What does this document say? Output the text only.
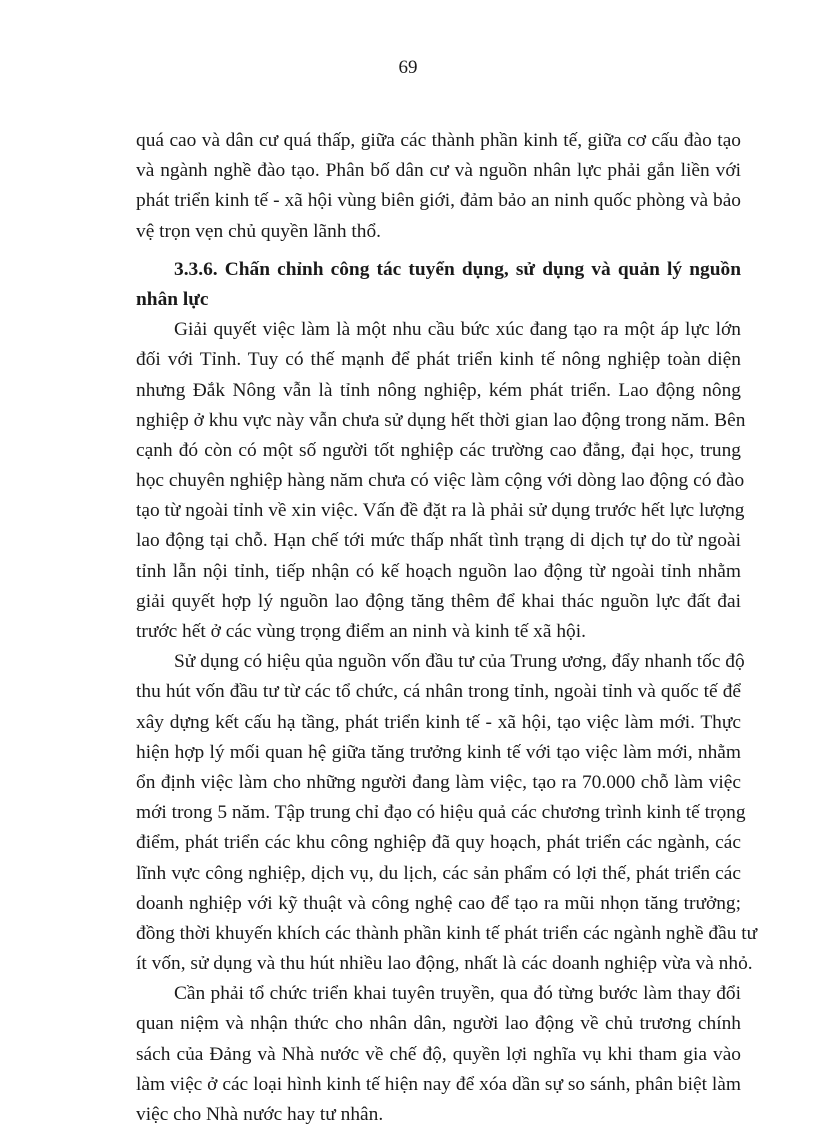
69
quá cao và dân cư quá thấp, giữa các thành phần kinh tế, giữa cơ cấu đào tạo
và ngành nghề đào tạo. Phân bố dân cư và nguồn nhân lực phải gắn liền với
phát triển kinh tế - xã hội vùng biên giới, đảm bảo an ninh quốc phòng và bảo
vệ trọn vẹn chủ quyền lãnh thổ.
3.3.6. Chấn chỉnh công tác tuyển dụng, sử dụng và quản lý nguồn
nhân lực
Giải quyết việc làm là một nhu cầu bức xúc đang tạo ra một áp lực lớn
đối với Tỉnh. Tuy có thế mạnh để phát triển kinh tế nông nghiệp toàn diện
nhưng Đắk Nông vẫn là tỉnh nông nghiệp, kém phát triển. Lao động nông
nghiệp ở khu vực này vẫn chưa sử dụng hết thời gian lao động trong năm. Bên
cạnh đó còn có một số người tốt nghiệp các trường cao đẳng, đại học, trung
học chuyên nghiệp hàng năm chưa có việc làm cộng với dòng lao động có đào
tạo từ ngoài tỉnh về xin việc. Vấn đề đặt ra là phải sử dụng trước hết lực lượng
lao động tại chỗ. Hạn chế tới mức thấp nhất tình trạng di dịch tự do từ ngoài
tỉnh lẫn nội tỉnh, tiếp nhận có kế hoạch nguồn lao động từ ngoài tỉnh nhằm
giải quyết hợp lý nguồn lao động tăng thêm để khai thác nguồn lực đất đai
trước hết ở các vùng trọng điểm an ninh và kinh tế xã hội.
Sử dụng có hiệu qủa nguồn vốn đầu tư của Trung ương, đẩy nhanh tốc độ
thu hút vốn đầu tư từ các tổ chức, cá nhân trong tỉnh, ngoài tỉnh và quốc tế để
xây dựng kết cấu hạ tầng, phát triển kinh tế - xã hội, tạo việc làm mới. Thực
hiện hợp lý mối quan hệ giữa tăng trưởng kinh tế với tạo việc làm mới, nhằm
ổn định việc làm cho những người đang làm việc, tạo ra 70.000 chỗ làm việc
mới trong 5 năm. Tập trung chỉ đạo có hiệu quả các chương trình kinh tế trọng
điểm, phát triển các khu công nghiệp đã quy hoạch, phát triển các ngành, các
lĩnh vực công nghiệp, dịch vụ, du lịch, các sản phẩm có lợi thế, phát triển các
doanh nghiệp với kỹ thuật và công nghệ cao để tạo ra mũi nhọn tăng trưởng;
đồng thời khuyến khích các thành phần kinh tế phát triển các ngành nghề đầu tư
ít vốn, sử dụng và thu hút nhiều lao động, nhất là các doanh nghiệp vừa và nhỏ.
Cần phải tổ chức triển khai tuyên truyền, qua đó từng bước làm thay đổi
quan niệm và nhận thức cho nhân dân, người lao động về chủ trương chính
sách của Đảng và Nhà nước về chế độ, quyền lợi nghĩa vụ khi tham gia vào
làm việc ở các loại hình kinh tế hiện nay để xóa dần sự so sánh, phân biệt làm
việc cho Nhà nước hay tư nhân.
